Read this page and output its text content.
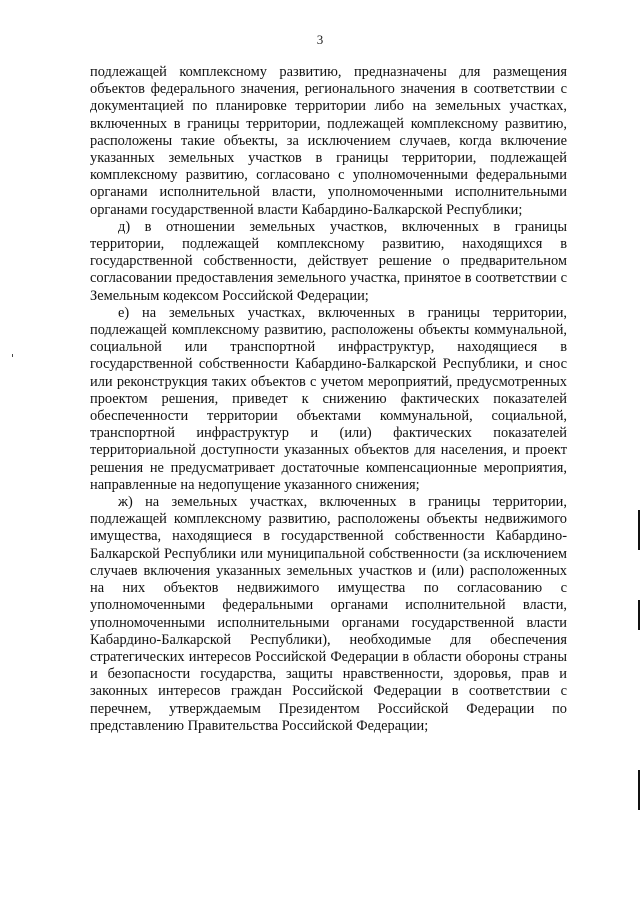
3

подлежащей комплексному развитию, предназначены для размещения объектов федерального значения, регионального значения в соответствии с документацией по планировке территории либо на земельных участках, включенных в границы территории, подлежащей комплексному развитию, расположены такие объекты, за исключением случаев, когда включение указанных земельных участков в границы территории, подлежащей комплексному развитию, согласовано с уполномоченными федеральными органами исполнительной власти, уполномоченными исполнительными органами государственной власти Кабардино-Балкарской Республики;

д) в отношении земельных участков, включенных в границы территории, подлежащей комплексному развитию, находящихся в государственной собственности, действует решение о предварительном согласовании предоставления земельного участка, принятое в соответствии с Земельным кодексом Российской Федерации;

е) на земельных участках, включенных в границы территории, подлежащей комплексному развитию, расположены объекты коммунальной, социальной или транспортной инфраструктур, находящиеся в государственной собственности Кабардино-Балкарской Республики, и снос или реконструкция таких объектов с учетом мероприятий, предусмотренных проектом решения, приведет к снижению фактических показателей обеспеченности территории объектами коммунальной, социальной, транспортной инфраструктур и (или) фактических показателей территориальной доступности указанных объектов для населения, и проект решения не предусматривает достаточные компенсационные мероприятия, направленные на недопущение указанного снижения;

ж) на земельных участках, включенных в границы территории, подлежащей комплексному развитию, расположены объекты недвижимого имущества, находящиеся в государственной собственности Кабардино-Балкарской Республики или муниципальной собственности (за исключением случаев включения указанных земельных участков и (или) расположенных на них объектов недвижимого имущества по согласованию с уполномоченными федеральными органами исполнительной власти, уполномоченными исполнительными органами государственной власти Кабардино-Балкарской Республики), необходимые для обеспечения стратегических интересов Российской Федерации в области обороны страны и безопасности государства, защиты нравственности, здоровья, прав и законных интересов граждан Российской Федерации в соответствии с перечнем, утверждаемым Президентом Российской Федерации по представлению Правительства Российской Федерации;
